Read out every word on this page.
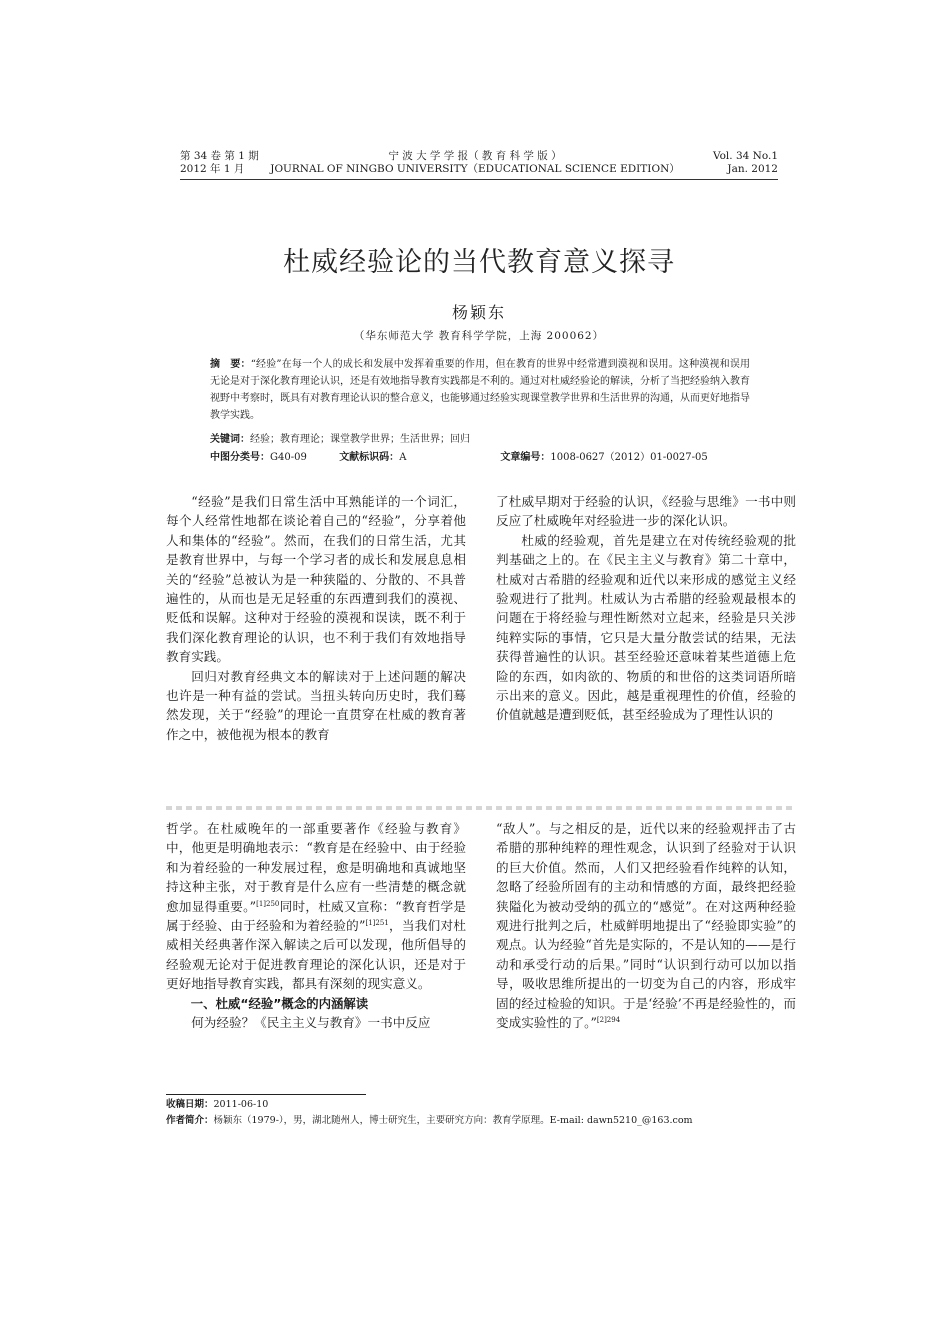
第 34 卷 第 1 期
2012 年 1 月
宁 波 大 学 学 报（ 教 育 科 学 版 ）
JOURNAL OF NINGBO UNIVERSITY（EDUCATIONAL SCIENCE EDITION）
Vol. 34 No.1
Jan. 2012
杜威经验论的当代教育意义探寻
杨颖东
（华东师范大学 教育科学学院，上海 200062）
摘　要：“经验”在每一个人的成长和发展中发挥着重要的作用，但在教育的世界中经常遭到漠视和误用。这种漠视和误用无论是对于深化教育理论认识，还是有效地指导教育实践都是不利的。通过对杜威经验论的解读，分析了当把经验纳入教育视野中考察时，既具有对教育理论认识的整合意义，也能够通过经验实现课堂教学世界和生活世界的沟通，从而更好地指导教学实践。
关键词：经验；教育理论；课堂教学世界；生活世界；回归
中图分类号：G40-09	文献标识码：A	文章编号：1008-0627（2012）01-0027-05

“经验”是我们日常生活中耳熟能详的一个词汇，每个人经常性地都在谈论着自己的“经验”，分享着他人和集体的“经验”。然而，在我们的日常生活，尤其是教育世界中，与每一个学习者的成长和发展息息相关的“经验”总被认为是一种狭隘的、分散的、不具普遍性的，从而也是无足轻重的东西遭到我们的漠视、贬低和误解。这种对于经验的漠视和误读，既不利于我们深化教育理论的认识，也不利于我们有效地指导教育实践。

回归对教育经典文本的解读对于上述问题的解决也许是一种有益的尝试。当扭头转向历史时，我们蓦然发现，关于“经验”的理论一直贯穿在杜威的教育著作之中，被他视为根本的教育

了杜威早期对于经验的认识，《经验与思维》一书中则反应了杜威晚年对经验进一步的深化认识。

杜威的经验观，首先是建立在对传统经验观的批判基础之上的。在《民主主义与教育》第二十章中，杜威对古希腊的经验观和近代以来形成的感觉主义经验观进行了批判。杜威认为古希腊的经验观最根本的问题在于将经验与理性断然对立起来，经验是只关涉纯粹实际的事情，它只是大量分散尝试的结果，无法获得普遍性的认识。甚至经验还意味着某些道德上危险的东西，如肉欲的、物质的和世俗的这类词语所暗示出来的意义。因此，越是重视理性的价值，经验的价值就越是遭到贬低，甚至经验成为了理性认识的

哲学。在杜威晚年的一部重要著作《经验与教育》中，他更是明确地表示：“教育是在经验中、由于经验和为着经验的一种发展过程，愈是明确地和真诚地坚持这种主张，对于教育是什么应有一些清楚的概念就愈加显得重要。”$^{[1]250}$同时，杜威又宣称：“教育哲学是属于经验、由于经验和为着经验的”$^{[1]251}$，当我们对杜威相关经典著作深入解读之后可以发现，他所倡导的经验观无论对于促进教育理论的深化认识，还是对于更好地指导教育实践，都具有深刻的现实意义。

一、杜威“经验”概念的内涵解读

何为经验？《民主主义与教育》一书中反应

“敌人”。与之相反的是，近代以来的经验观抨击了古希腊的那种纯粹的理性观念，认识到了经验对于认识的巨大价值。然而，人们又把经验看作纯粹的认知，忽略了经验所固有的主动和情感的方面，最终把经验狭隘化为被动受纳的孤立的“感觉”。在对这两种经验观进行批判之后，杜威鲜明地提出了“经验即实验”的观点。认为经验“首先是实际的，不是认知的——是行动和承受行动的后果。”同时“认识到行动可以加以指导，吸收思维所提出的一切变为自己的内容，形成牢固的经过检验的知识。于是‘经验’不再是经验性的，而变成实验性的了。”$^{[2]294}$

收稿日期：2011-06-10
作者简介：杨颖东（1979-），男，湖北随州人，博士研究生，主要研究方向：教育学原理。E-mail: dawn5210_@163.com
